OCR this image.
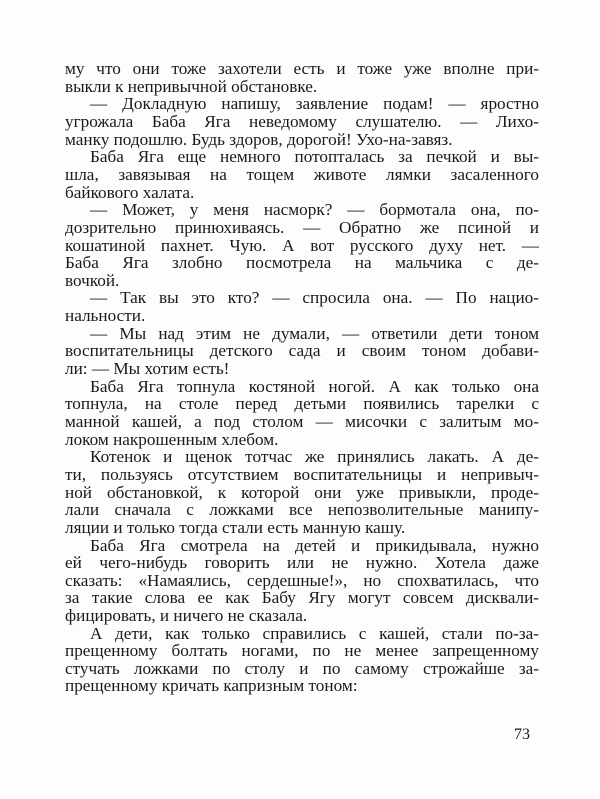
му что они тоже захотели есть и тоже уже вполне при-
выкли к непривычной обстановке.
— Докладную напишу, заявление подам! — яростно
угрожала Баба Яга неведомому слушателю. — Лихо-
манку подошлю. Будь здоров, дорогой! Ухо-на-завяз.
Баба Яга еще немного потопталась за печкой и вы-
шла, завязывая на тощем животе лямки засаленного
байкового халата.
— Может, у меня насморк? — бормотала она, по-
дозрительно принюхиваясь. — Обратно же псиной и
кошатиной пахнет. Чую. А вот русского духу нет. —
Баба Яга злобно посмотрела на мальчика с де-
вочкой.
— Так вы это кто? — спросила она. — По нацио-
нальности.
— Мы над этим не думали, — ответили дети тоном
воспитательницы детского сада и своим тоном добави-
ли: — Мы хотим есть!
Баба Яга топнула костяной ногой. А как только она
топнула, на столе перед детьми появились тарелки с
манной кашей, а под столом — мисочки с залитым мо-
локом накрошенным хлебом.
Котенок и щенок тотчас же принялись лакать. А де-
ти, пользуясь отсутствием воспитательницы и непривыч-
ной обстановкой, к которой они уже привыкли, проде-
лали сначала с ложками все непозволительные манипу-
ляции и только тогда стали есть манную кашу.
Баба Яга смотрела на детей и прикидывала, нужно
ей чего-нибудь говорить или не нужно. Хотела даже
сказать: «Намаялись, сердешные!», но спохватилась, что
за такие слова ее как Бабу Ягу могут совсем дисквали-
фицировать, и ничего не сказала.
А дети, как только справились с кашей, стали по-за-
прещенному болтать ногами, по не менее запрещенному
стучать ложками по столу и по самому строжайше за-
прещенному кричать капризным тоном:
73
